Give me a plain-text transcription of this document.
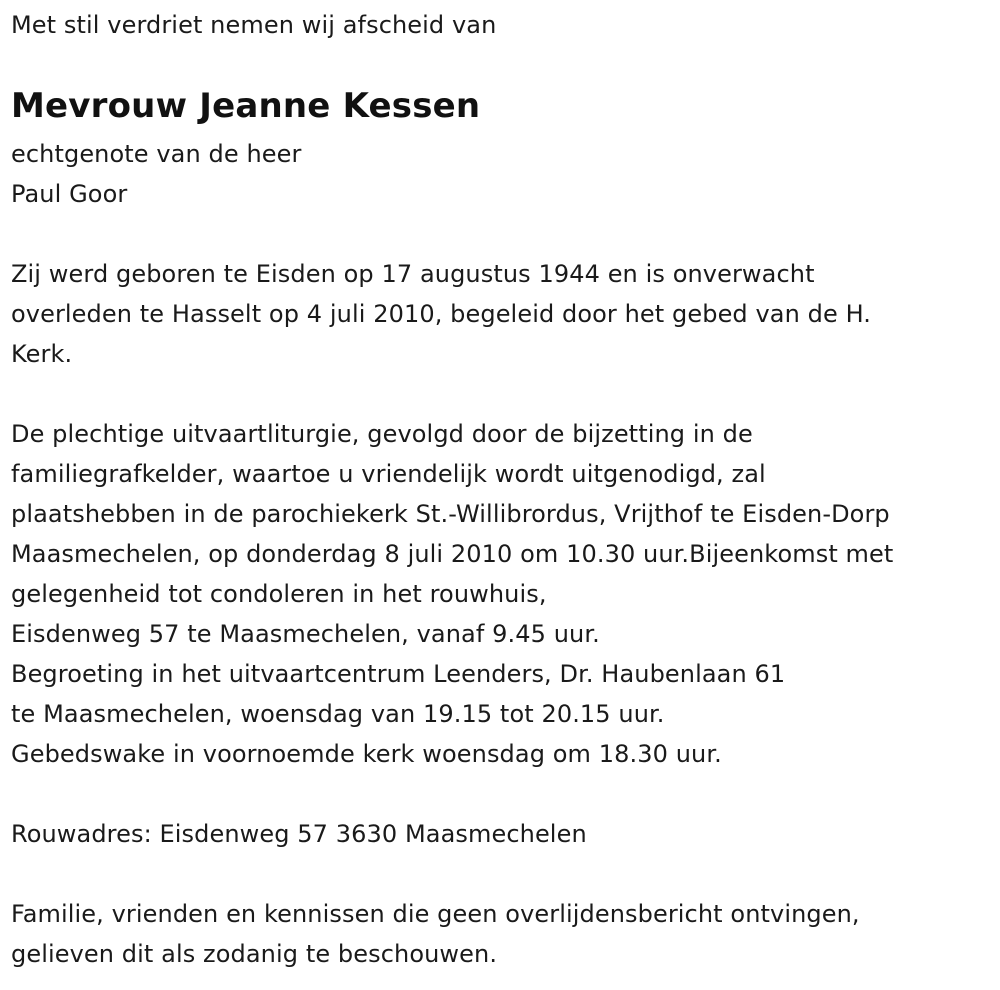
Met stil verdriet nemen wij afscheid van
Mevrouw Jeanne Kessen
echtgenote van de heer
Paul Goor
Zij werd geboren te Eisden op 17 augustus 1944 en is onverwacht
overleden te Hasselt op 4 juli 2010, begeleid door het gebed van de H.
Kerk.
De plechtige uitvaartliturgie, gevolgd door de bijzetting in de
familiegrafkelder, waartoe u vriendelijk wordt uitgenodigd, zal
plaatshebben in de parochiekerk St.-Willibrordus, Vrijthof te Eisden-Dorp
Maasmechelen, op donderdag 8 juli 2010 om 10.30 uur.Bijeenkomst met
gelegenheid tot condoleren in het rouwhuis,
Eisdenweg 57 te Maasmechelen, vanaf 9.45 uur.
Begroeting in het uitvaartcentrum Leenders, Dr. Haubenlaan 61
te Maasmechelen, woensdag van 19.15 tot 20.15 uur.
Gebedswake in voornoemde kerk woensdag om 18.30 uur.
Rouwadres: Eisdenweg 57 3630 Maasmechelen
Familie, vrienden en kennissen die geen overlijdensbericht ontvingen,
gelieven dit als zodanig te beschouwen.
